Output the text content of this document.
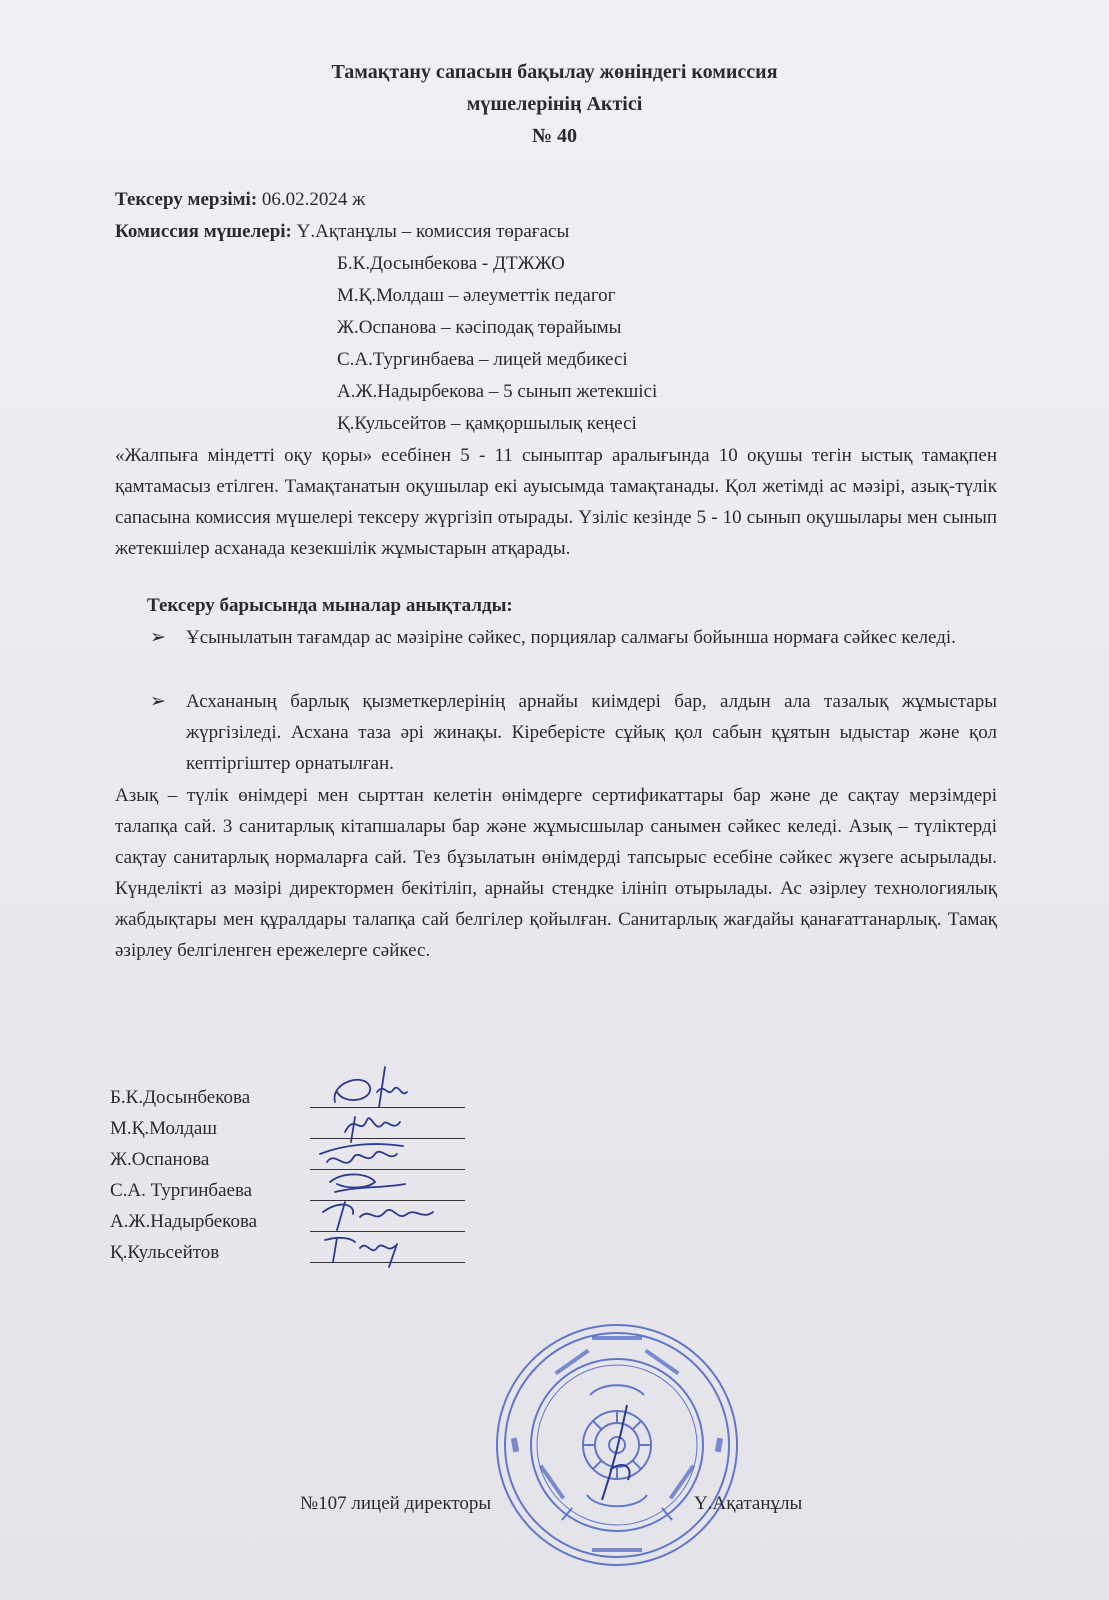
Тамақтану сапасын бақылау жөніндегі комиссия
мүшелерінің Актісі
№ 40
Тексеру мерзімі: 06.02.2024 ж
Комиссия мүшелері: Ү.Ақтанұлы – комиссия төрағасы
Б.К.Досынбекова - ДТЖЖО
М.Қ.Молдаш – әлеуметтік педагог
Ж.Оспанова – кәсіподақ төрайымы
С.А.Тургинбаева – лицей медбикесі
А.Ж.Надырбекова – 5 сынып жетекшісі
Қ.Кульсейтов – қамқоршылық кеңесі
«Жалпыға міндетті оқу қоры» есебінен 5 - 11 сыныптар аралығында 10 оқушы тегін ыстық тамақпен қамтамасыз етілген. Тамақтанатын оқушылар екі ауысымда тамақтанады. Қол жетімді ас мәзірі, азық-түлік сапасына комиссия мүшелері тексеру жүргізіп отырады. Үзіліс кезінде 5 - 10 сынып оқушылары мен сынып жетекшілер асханада кезекшілік жұмыстарын атқарады.
Тексеру барысында мыналар анықталды:
➢	Ұсынылатын тағамдар ас мәзіріне сәйкес, порциялар салмағы бойынша нормаға сәйкес келеді.
➢	Асхананың барлық қызметкерлерінің арнайы киімдері бар, алдын ала тазалық жұмыстары жүргізіледі. Асхана таза әрі жинақы. Кіреберісте сұйық қол сабын құятын ыдыстар және қол кептіргіштер орнатылған.
Азық – түлік өнімдері мен сырттан келетін өнімдерге сертификаттары бар және де сақтау мерзімдері талапқа сай. 3 санитарлық кітапшалары бар және жұмысшылар санымен сәйкес келеді. Азық – түліктерді сақтау санитарлық нормаларға сай. Тез бұзылатын өнімдерді тапсырыс есебіне сәйкес жүзеге асырылады. Күнделікті аз мәзірі директормен бекітіліп, арнайы стендке ілініп отырылады. Ас әзірлеу технологиялық жабдықтары мен құралдары талапқа сай белгілер қойылған. Санитарлық жағдайы қанағаттанарлық. Тамақ әзірлеу белгіленген ережелерге сәйкес.
Б.К.Досынбекова
М.Қ.Молдаш
Ж.Оспанова
С.А. Тургинбаева
А.Ж.Надырбекова
Қ.Кульсейтов
№107 лицей директоры	Ү.Ақатанұлы
